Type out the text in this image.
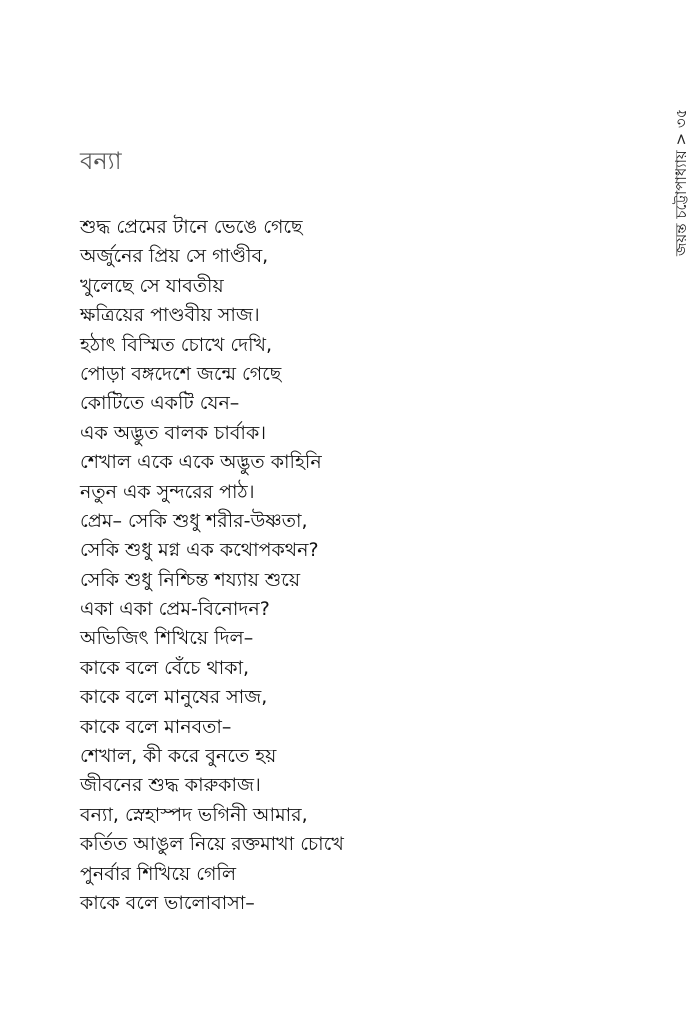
জয়ন্ত চট্টোপাধ্যায় > ৩৫
বন্যা
শুদ্ধ প্রেমের টানে ভেঙে গেছে
অর্জুনের প্রিয় সে গাণ্ডীব,
খুলেছে সে যাবতীয়
ক্ষত্রিয়ের পাণ্ডবীয় সাজ।
হঠাৎ বিস্মিত চোখে দেখি,
পোড়া বঙ্গদেশে জন্মে গেছে
কোটিতে একটি যেন–
এক অদ্ভুত বালক চার্বাক।
শেখাল একে একে অদ্ভুত কাহিনি
নতুন এক সুন্দরের পাঠ।
প্রেম– সেকি শুধু শরীর-উষ্ণতা,
সেকি শুধু মগ্ন এক কথোপকথন?
সেকি শুধু নিশ্চিন্ত শয্যায় শুয়ে
একা একা প্রেম-বিনোদন?
অভিজিৎ শিখিয়ে দিল–
কাকে বলে বেঁচে থাকা,
কাকে বলে মানুষের সাজ,
কাকে বলে মানবতা–
শেখাল, কী করে বুনতে হয়
জীবনের শুদ্ধ কারুকাজ।
বন্যা, স্নেহাস্পদ ভগিনী আমার,
কর্তিত আঙুল নিয়ে রক্তমাখা চোখে
পুনর্বার শিখিয়ে গেলি
কাকে বলে ভালোবাসা–
